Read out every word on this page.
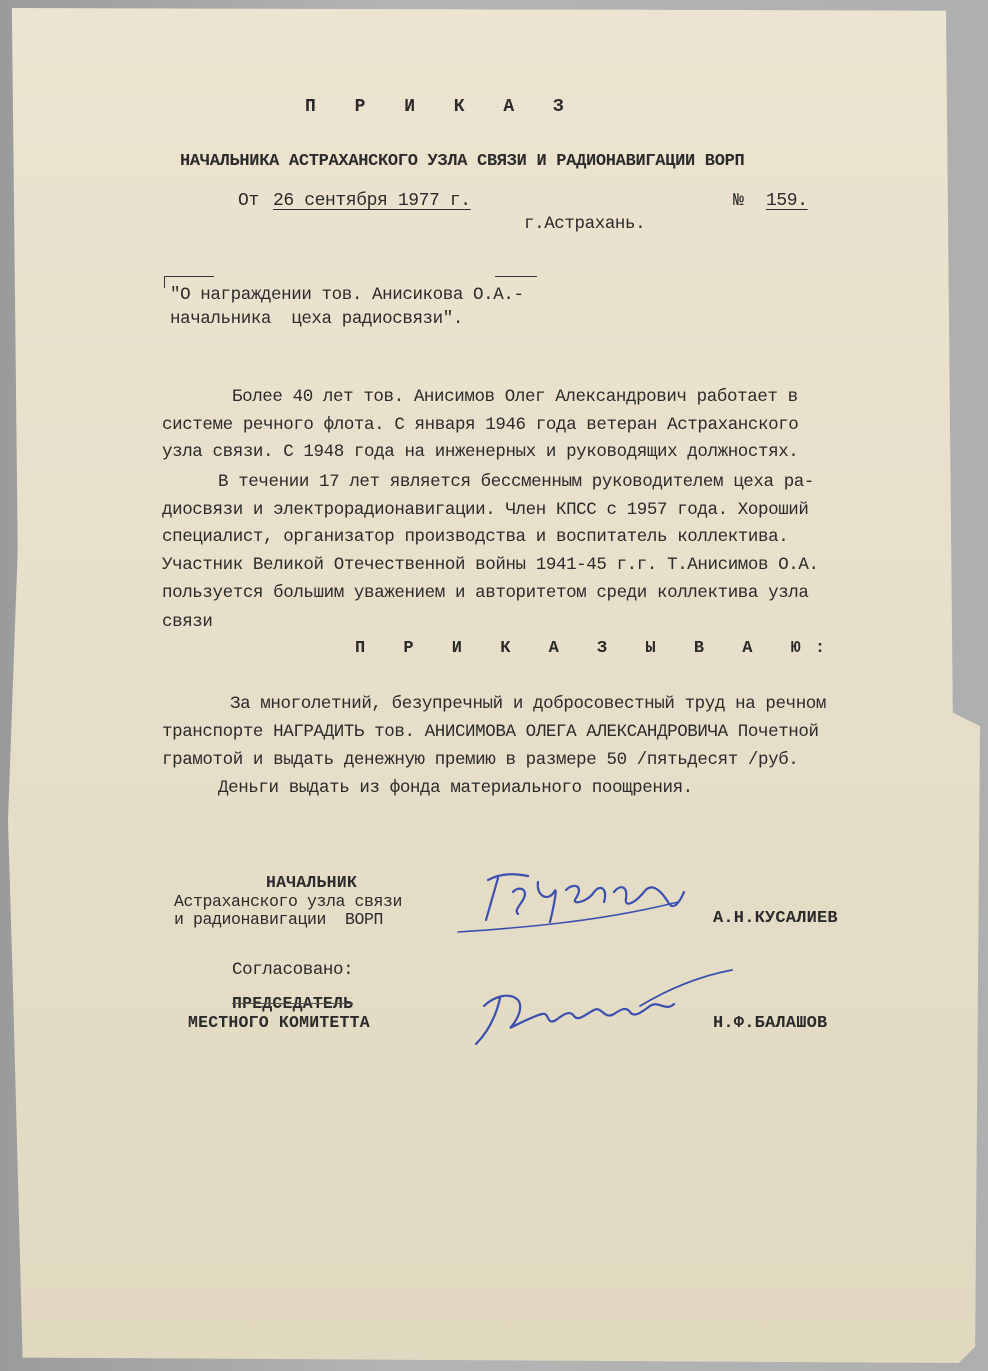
П Р И К А З
НАЧАЛЬНИКА АСТРАХАНСКОГО УЗЛА СВЯЗИ И РАДИОНАВИГАЦИИ ВОРП
От 26 сентября 1977 г.	№ 159.
г.Астрахань.
"О награждении тов. Анисикова О.А.-
начальника  цеха радиосвязи".
Более 40 лет тов. Анисимов Олег Александрович работает в
системе речного флота. С января 1946 года ветеран Астраханского
узла связи. С 1948 года на инженерных и руководящих должностях.
В течении 17 лет является бессменным руководителем цеха ра-
диосвязи и электрорадионавигации. Член КПСС с 1957 года. Хороший
специалист, организатор производства и воспитатель коллектива.
Участник Великой Отечественной войны 1941-45 г.г. Т.Анисимов О.А.
пользуется большим уважением и авторитетом среди коллектива узла
связи
П Р И К А З Ы В А Ю:
За многолетний, безупречный и добросовестный труд на речном
транспорте НАГРАДИТЬ тов. АНИСИМОВА ОЛЕГА АЛЕКСАНДРОВИЧА Почетной
грамотой и выдать денежную премию в размере 50 /пятьдесят /руб.
Деньги выдать из фонда материального поощрения.
НАЧАЛЬНИК
Астраханского узла связи
и радионавигации  ВОРП	А.Н.КУСАЛИЕВ
Согласовано:
ПРЕДСЕДАТЕЛЬ
МЕСТНОГО КОМИТЕТТА	Н.Ф.БАЛАШОВ
